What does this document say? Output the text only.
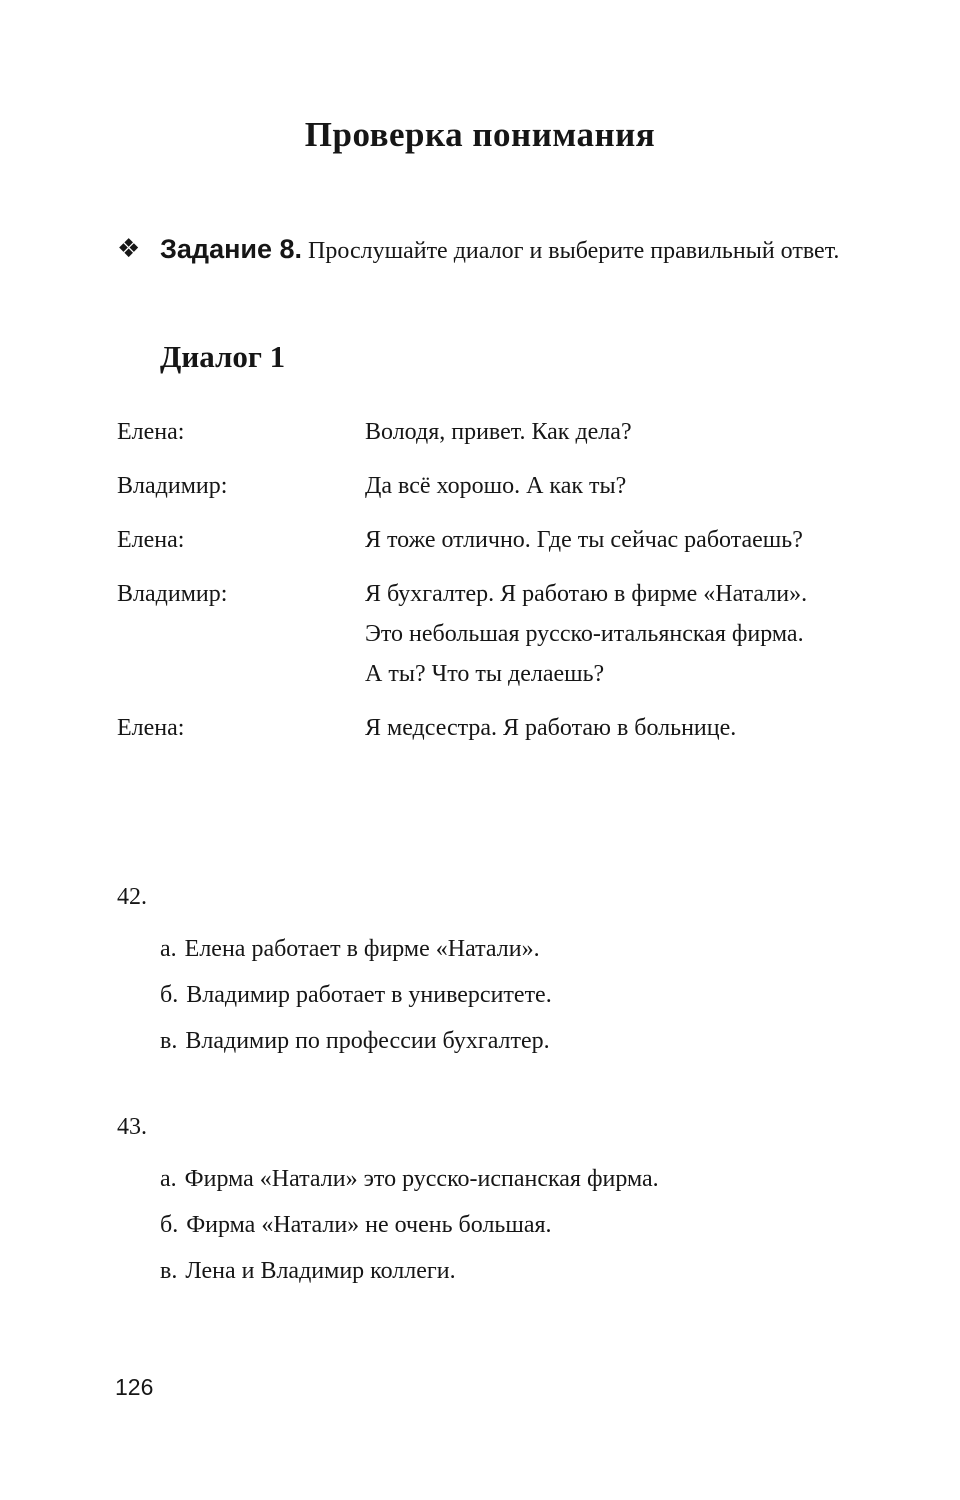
Проверка понимания
❖ Задание 8. Прослушайте диалог и выберите правильный ответ.

Диалог 1
Елена:	Володя, привет. Как дела?
Владимир:	Да всё хорошо. А как ты?
Елена:	Я тоже отлично. Где ты сейчас работаешь?
Владимир:	Я бухгалтер. Я работаю в фирме «Натали». Это небольшая русско-итальянская фирма. А ты? Что ты делаешь?
Елена:	Я медсестра. Я работаю в больнице.
42.
а. Елена работает в фирме «Натали».
б. Владимир работает в университете.
в. Владимир по профессии бухгалтер.
43.
а. Фирма «Натали» это русско-испанская фирма.
б. Фирма «Натали» не очень большая.
в. Лена и Владимир коллеги.
126
